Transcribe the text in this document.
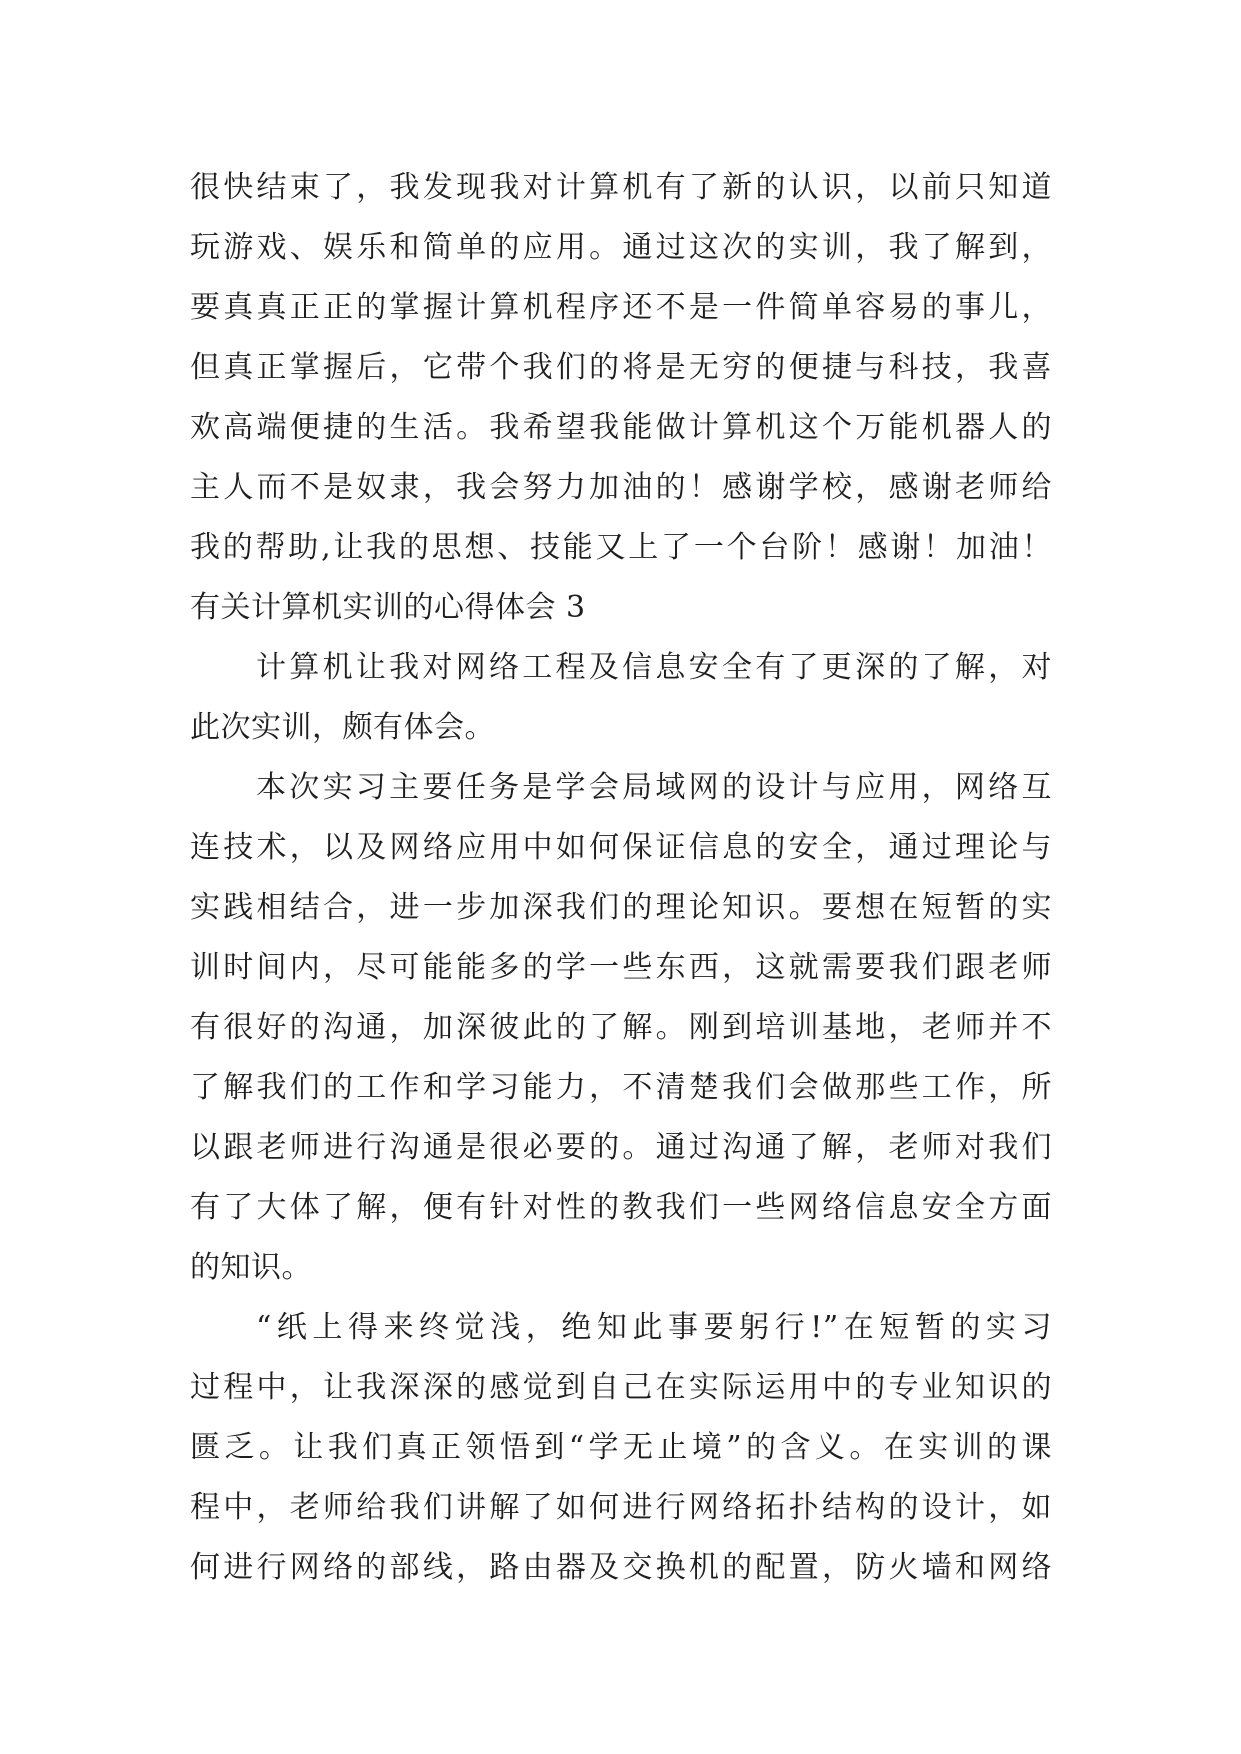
很快结束了，我发现我对计算机有了新的认识，以前只知道
玩游戏、娱乐和简单的应用。通过这次的实训，我了解到，
要真真正正的掌握计算机程序还不是一件简单容易的事儿，
但真正掌握后，它带个我们的将是无穷的便捷与科技，我喜
欢高端便捷的生活。我希望我能做计算机这个万能机器人的
主人而不是奴隶，我会努力加油的！感谢学校，感谢老师给
我的帮助,让我的思想、技能又上了一个台阶！感谢！加油！
有关计算机实训的心得体会 3
计算机让我对网络工程及信息安全有了更深的了解，对
此次实训，颇有体会。
本次实习主要任务是学会局域网的设计与应用，网络互
连技术，以及网络应用中如何保证信息的安全，通过理论与
实践相结合，进一步加深我们的理论知识。要想在短暂的实
训时间内，尽可能能多的学一些东西，这就需要我们跟老师
有很好的沟通，加深彼此的了解。刚到培训基地，老师并不
了解我们的工作和学习能力，不清楚我们会做那些工作，所
以跟老师进行沟通是很必要的。通过沟通了解，老师对我们
有了大体了解，便有针对性的教我们一些网络信息安全方面
的知识。
“纸上得来终觉浅，绝知此事要躬行!”在短暂的实习
过程中，让我深深的感觉到自己在实际运用中的专业知识的
匮乏。让我们真正领悟到“学无止境”的含义。在实训的课
程中，老师给我们讲解了如何进行网络拓扑结构的设计，如
何进行网络的部线，路由器及交换机的配置，防火墙和网络
